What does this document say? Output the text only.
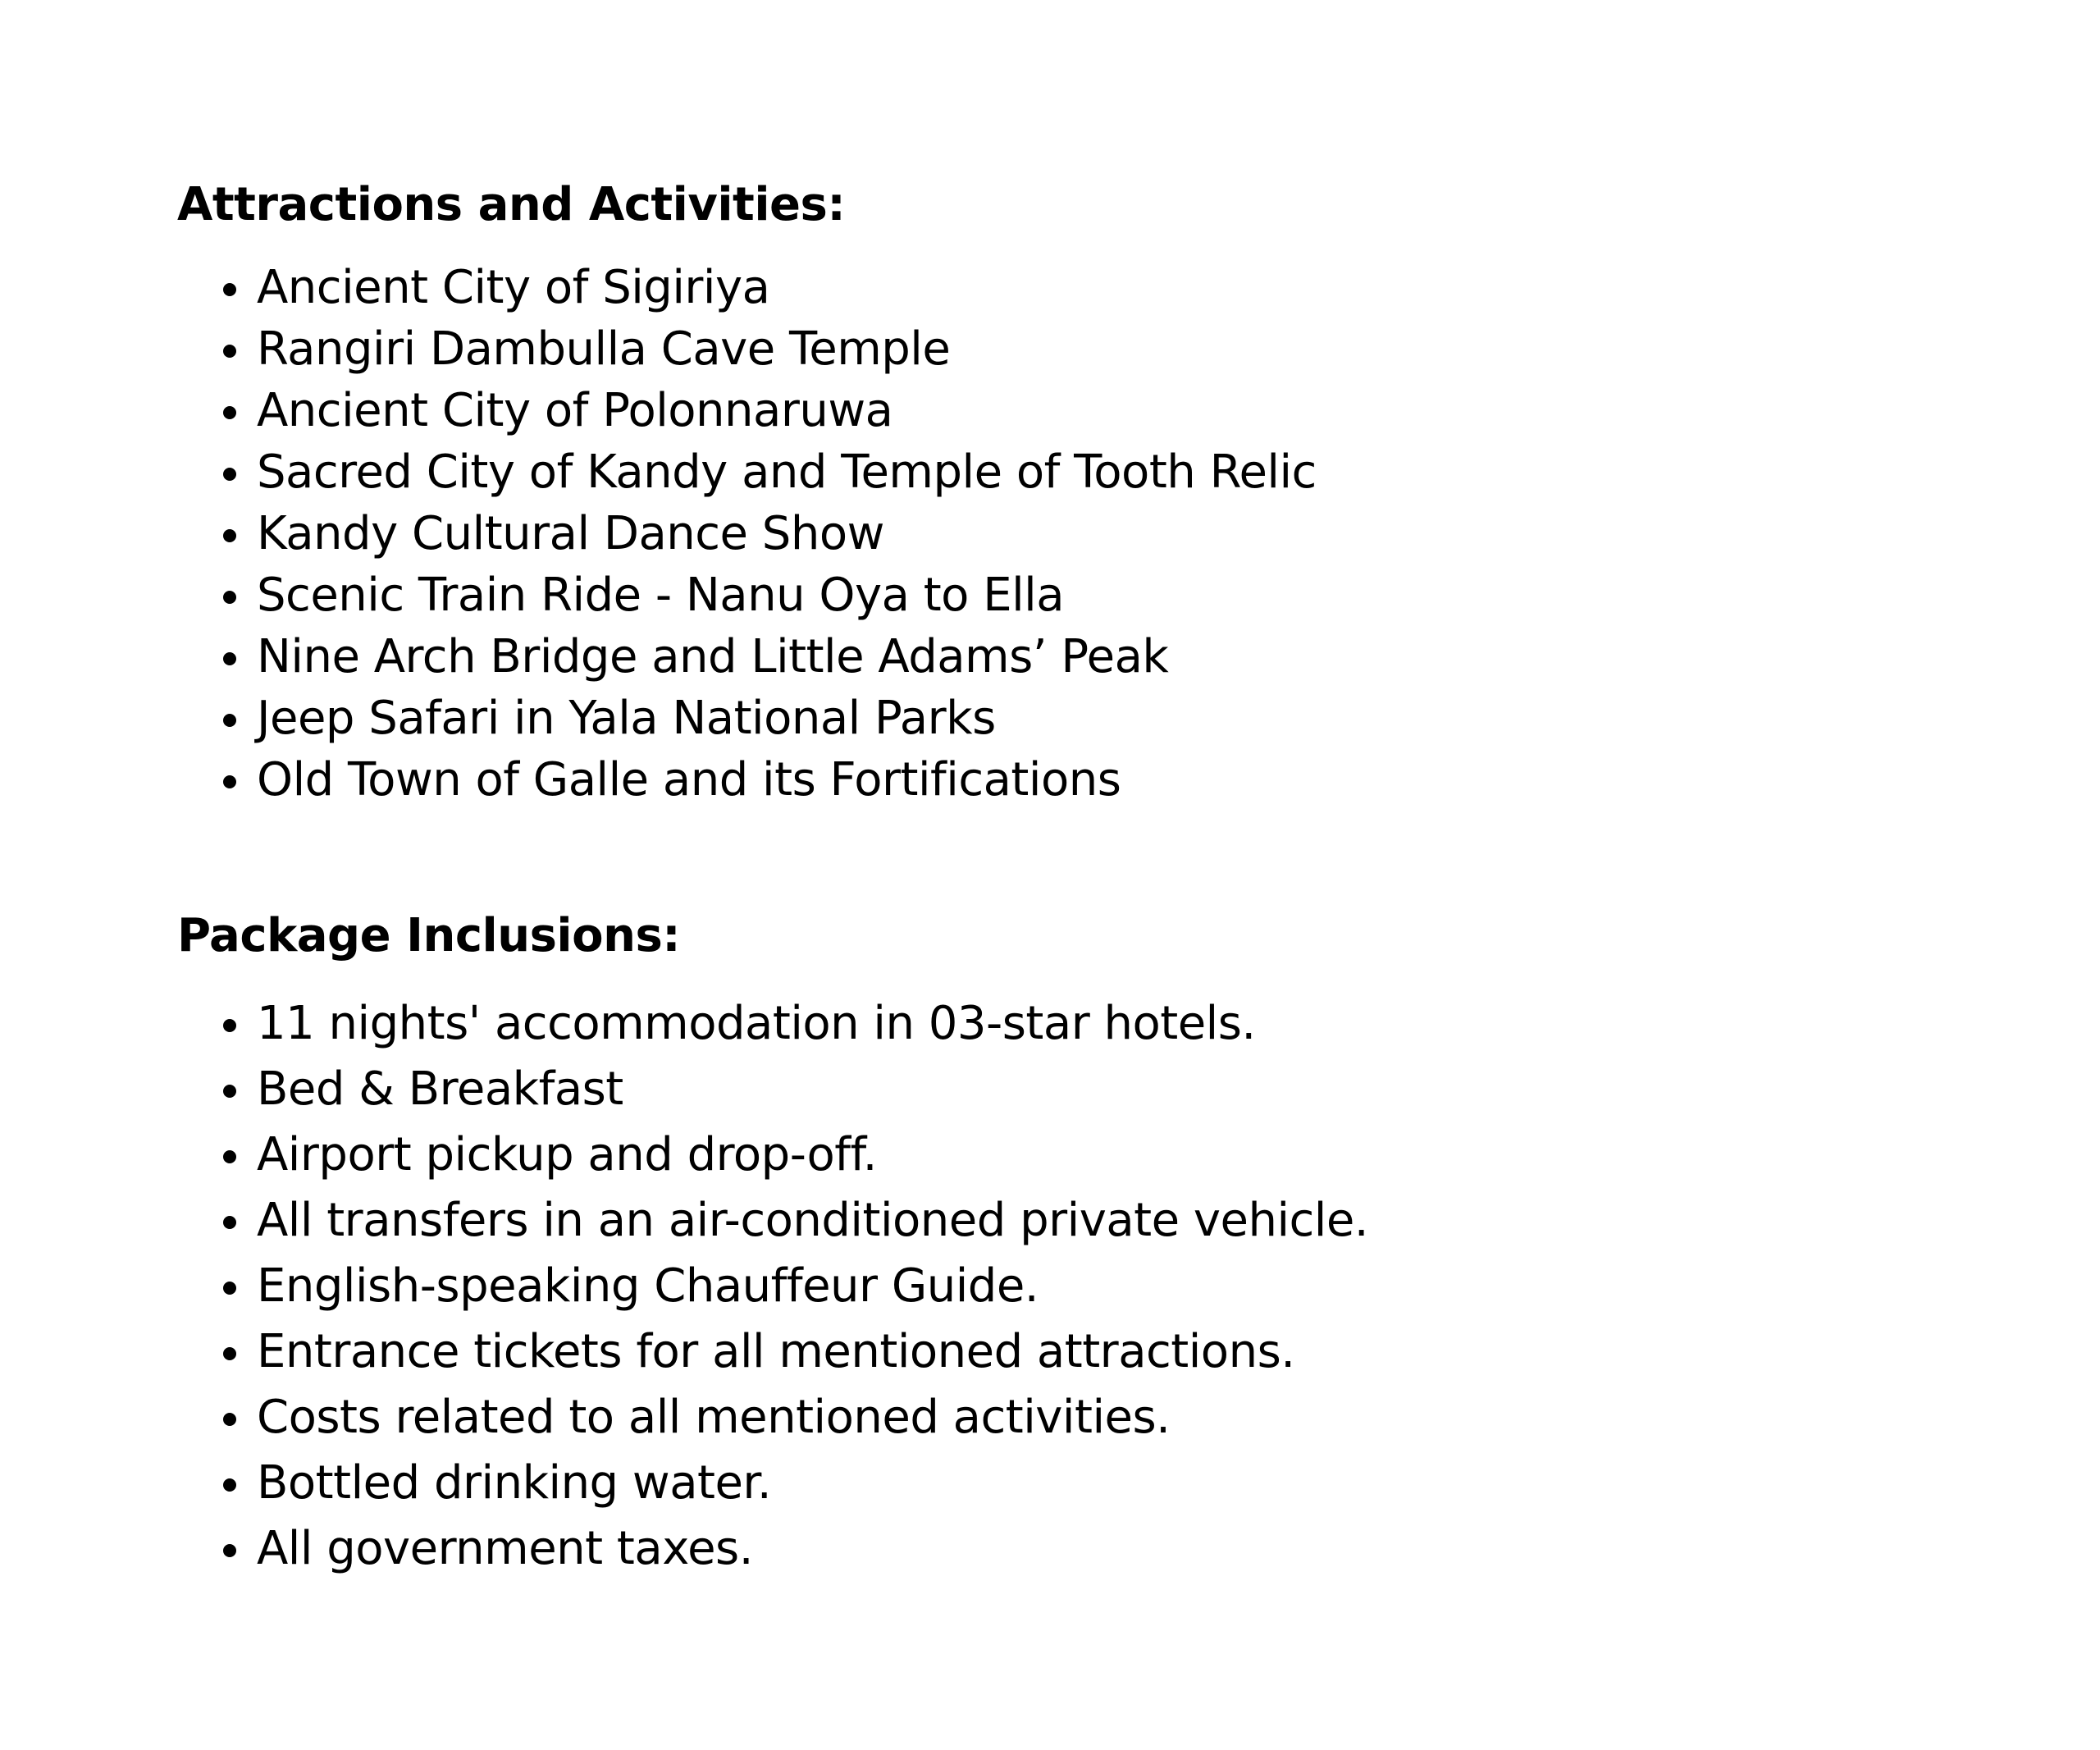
Attractions and Activities:
Ancient City of Sigiriya
Rangiri Dambulla Cave Temple
Ancient City of Polonnaruwa
Sacred City of Kandy and Temple of Tooth Relic
Kandy Cultural Dance Show
Scenic Train Ride - Nanu Oya to Ella
Nine Arch Bridge and Little Adams’ Peak
Jeep Safari in Yala National Parks
Old Town of Galle and its Fortifications
Package Inclusions:
11 nights' accommodation in 03-star hotels.
Bed & Breakfast
Airport pickup and drop-off.
All transfers in an air-conditioned private vehicle.
English-speaking Chauffeur Guide.
Entrance tickets for all mentioned attractions.
Costs related to all mentioned activities.
Bottled drinking water.
All government taxes.
